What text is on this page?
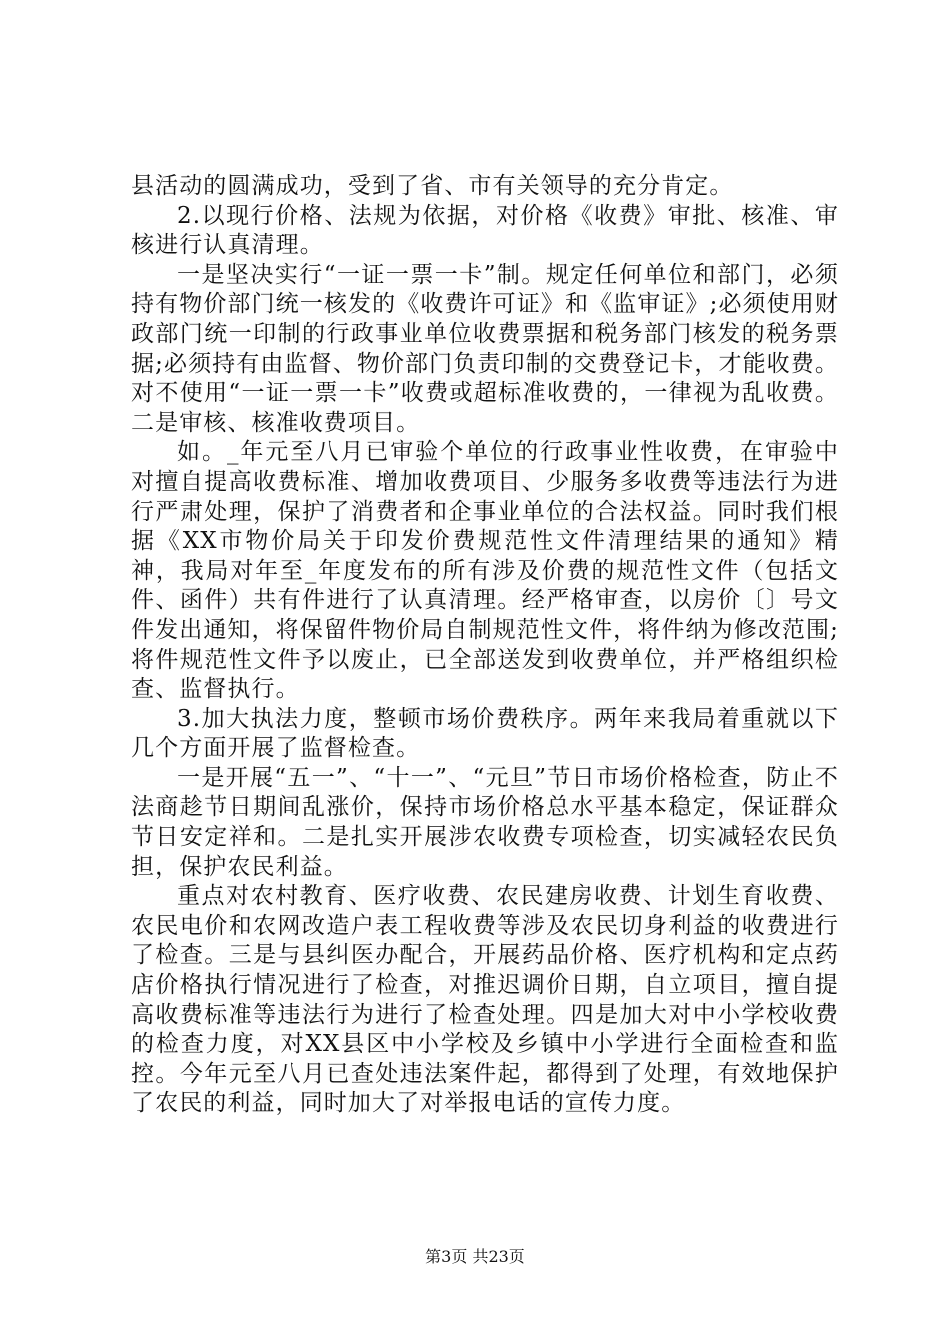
县活动的圆满成功，受到了省、市有关领导的充分肯定。

2.以现行价格、法规为依据，对价格《收费》审批、核准、审核进行认真清理。

一是坚决实行“一证一票一卡”制。规定任何单位和部门，必须持有物价部门统一核发的《收费许可证》和《监审证》;必须使用财政部门统一印制的行政事业单位收费票据和税务部门核发的税务票据;必须持有由监督、物价部门负责印制的交费登记卡，才能收费。对不使用“一证一票一卡”收费或超标准收费的，一律视为乱收费。二是审核、核准收费项目。

如。_年元至八月已审验个单位的行政事业性收费，在审验中对擅自提高收费标准、增加收费项目、少服务多收费等违法行为进行严肃处理，保护了消费者和企事业单位的合法权益。同时我们根据《XX市物价局关于印发价费规范性文件清理结果的通知》精神，我局对年至_年度发布的所有涉及价费的规范性文件（包括文件、函件）共有件进行了认真清理。经严格审查，以房价〔〕号文件发出通知，将保留件物价局自制规范性文件，将件纳为修改范围;将件规范性文件予以废止，已全部送发到收费单位，并严格组织检查、监督执行。

3.加大执法力度，整顿市场价费秩序。两年来我局着重就以下几个方面开展了监督检查。

一是开展“五一”、“十一”、“元旦”节日市场价格检查，防止不法商趁节日期间乱涨价，保持市场价格总水平基本稳定，保证群众节日安定祥和。二是扎实开展涉农收费专项检查，切实减轻农民负担，保护农民利益。

重点对农村教育、医疗收费、农民建房收费、计划生育收费、农民电价和农网改造户表工程收费等涉及农民切身利益的收费进行了检查。三是与县纠医办配合，开展药品价格、医疗机构和定点药店价格执行情况进行了检查，对推迟调价日期，自立项目，擅自提高收费标准等违法行为进行了检查处理。四是加大对中小学校收费的检查力度，对XX县区中小学校及乡镇中小学进行全面检查和监控。今年元至八月已查处违法案件起，都得到了处理，有效地保护了农民的利益，同时加大了对举报电话的宣传力度。

第3页 共23页
